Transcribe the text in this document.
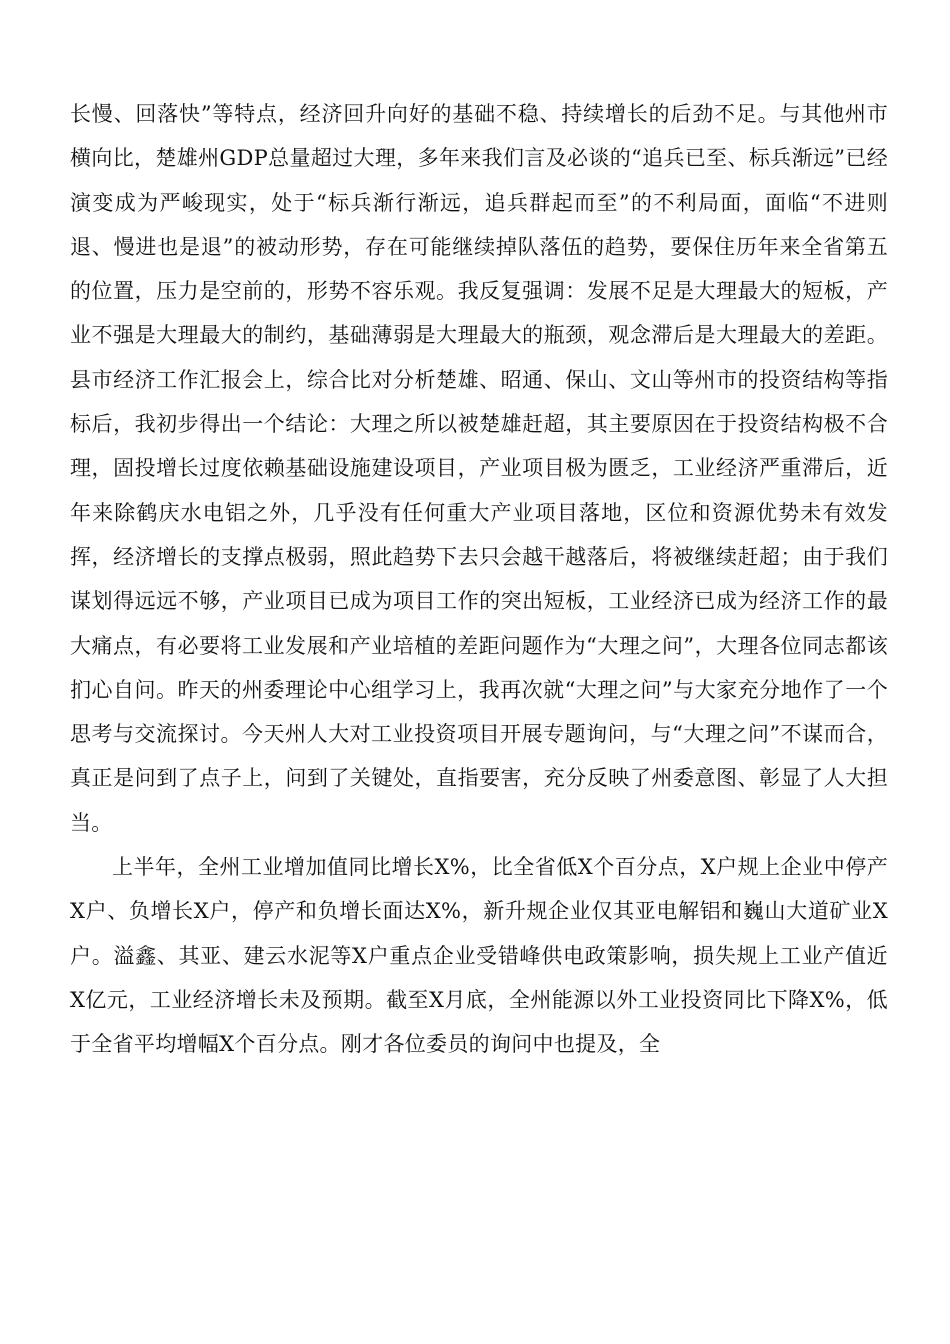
长慢、回落快”等特点，经济回升向好的基础不稳、持续增长的后劲不足。与其他州市横向比，楚雄州GDP总量超过大理，多年来我们言及必谈的“追兵已至、标兵渐远”已经演变成为严峻现实，处于“标兵渐行渐远，追兵群起而至”的不利局面，面临“不进则退、慢进也是退”的被动形势，存在可能继续掉队落伍的趋势，要保住历年来全省第五的位置，压力是空前的，形势不容乐观。我反复强调：发展不足是大理最大的短板，产业不强是大理最大的制约，基础薄弱是大理最大的瓶颈，观念滞后是大理最大的差距。县市经济工作汇报会上，综合比对分析楚雄、昭通、保山、文山等州市的投资结构等指标后，我初步得出一个结论：大理之所以被楚雄赶超，其主要原因在于投资结构极不合理，固投增长过度依赖基础设施建设项目，产业项目极为匮乏，工业经济严重滞后，近年来除鹤庆水电铝之外，几乎没有任何重大产业项目落地，区位和资源优势未有效发挥，经济增长的支撑点极弱，照此趋势下去只会越干越落后，将被继续赶超；由于我们谋划得远远不够，产业项目已成为项目工作的突出短板，工业经济已成为经济工作的最大痛点，有必要将工业发展和产业培植的差距问题作为“大理之问”，大理各位同志都该扪心自问。昨天的州委理论中心组学习上，我再次就“大理之问”与大家充分地作了一个思考与交流探讨。今天州人大对工业投资项目开展专题询问，与“大理之问”不谋而合，真正是问到了点子上，问到了关键处，直指要害，充分反映了州委意图、彰显了人大担当。

上半年，全州工业增加值同比增长X%，比全省低X个百分点，X户规上企业中停产X户、负增长X户，停产和负增长面达X%，新升规企业仅其亚电解铝和巍山大道矿业X户。溢鑫、其亚、建云水泥等X户重点企业受错峰供电政策影响，损失规上工业产值近X亿元，工业经济增长未及预期。截至X月底，全州能源以外工业投资同比下降X%，低于全省平均增幅X个百分点。刚才各位委员的询问中也提及，全
